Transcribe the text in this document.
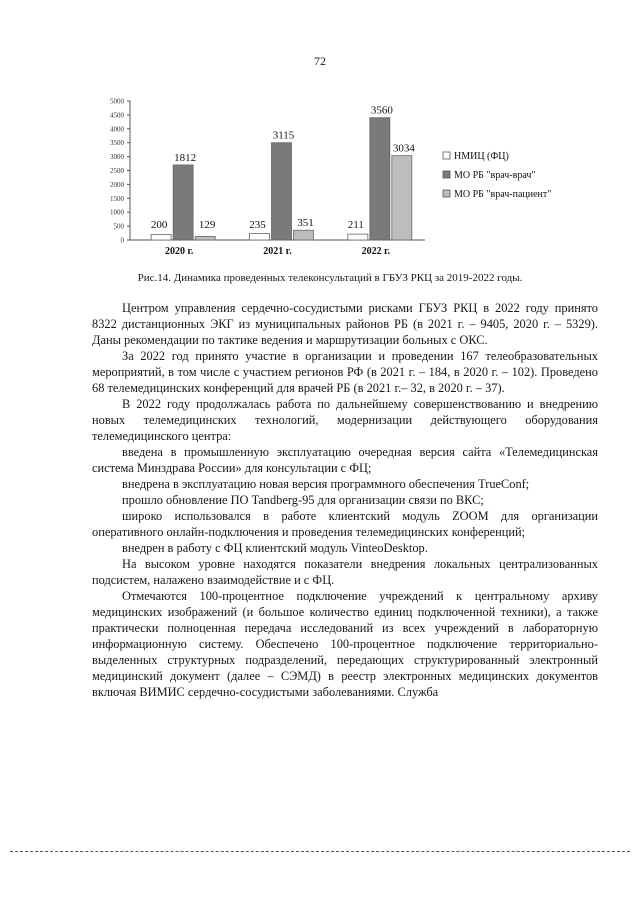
72
0
500
1000
1500
2000
2500
3000
3500
4000
4500
5000
200
1812
129
2020 г.
235
3115
351
2021 г.
211
3560
3034
2022 г.
НМИЦ (ФЦ)
МО РБ "врач-врач"
МО РБ "врач-пациент"
Рис.14. Динамика проведенных телеконсультаций в ГБУЗ РКЦ за 2019-2022 годы.

Центром управления сердечно-сосудистыми рисками ГБУЗ РКЦ в 2022 году принято 8322 дистанционных ЭКГ из муниципальных районов РБ (в 2021 г. – 9405, 2020 г. – 5329). Даны рекомендации по тактике ведения и маршрутизации больных с ОКС.

За 2022 год принято участие в организации и проведении 167 телеобразовательных мероприятий, в том числе с участием регионов РФ (в 2021 г. – 184, в 2020 г. – 102). Проведено 68 телемедицинских конференций для врачей РБ (в 2021 г.– 32, в 2020 г. – 37).

В 2022 году продолжалась работа по дальнейшему совершенствованию и внедрению новых телемедицинских технологий, модернизации действующего оборудования телемедицинского центра:

введена в промышленную эксплуатацию очередная версия сайта «Телемедицинская система Минздрава России» для консультации с ФЦ;

внедрена в эксплуатацию новая версия программного обеспечения TrueConf;

прошло обновление ПО Tandberg-95 для организации связи по ВКС;

широко использовался в работе клиентский модуль ZOOM для организации оперативного онлайн-подключения и проведения телемедицинских конференций;

внедрен в работу с ФЦ клиентский модуль VinteoDesktop.

На высоком уровне находятся показатели внедрения локальных централизованных подсистем, налажено взаимодействие и с ФЦ.

Отмечаются 100-процентное подключение учреждений к центральному архиву медицинских изображений (и большое количество единиц подключенной техники), а также практически полноценная передача исследований из всех учреждений в лабораторную информационную систему. Обеспечено 100-процентное подключение территориально-выделенных структурных подразделений, передающих структурированный электронный медицинский документ (далее – СЭМД) в реестр электронных медицинских документов включая ВИМИС сердечно-сосудистыми заболеваниями. Служба
